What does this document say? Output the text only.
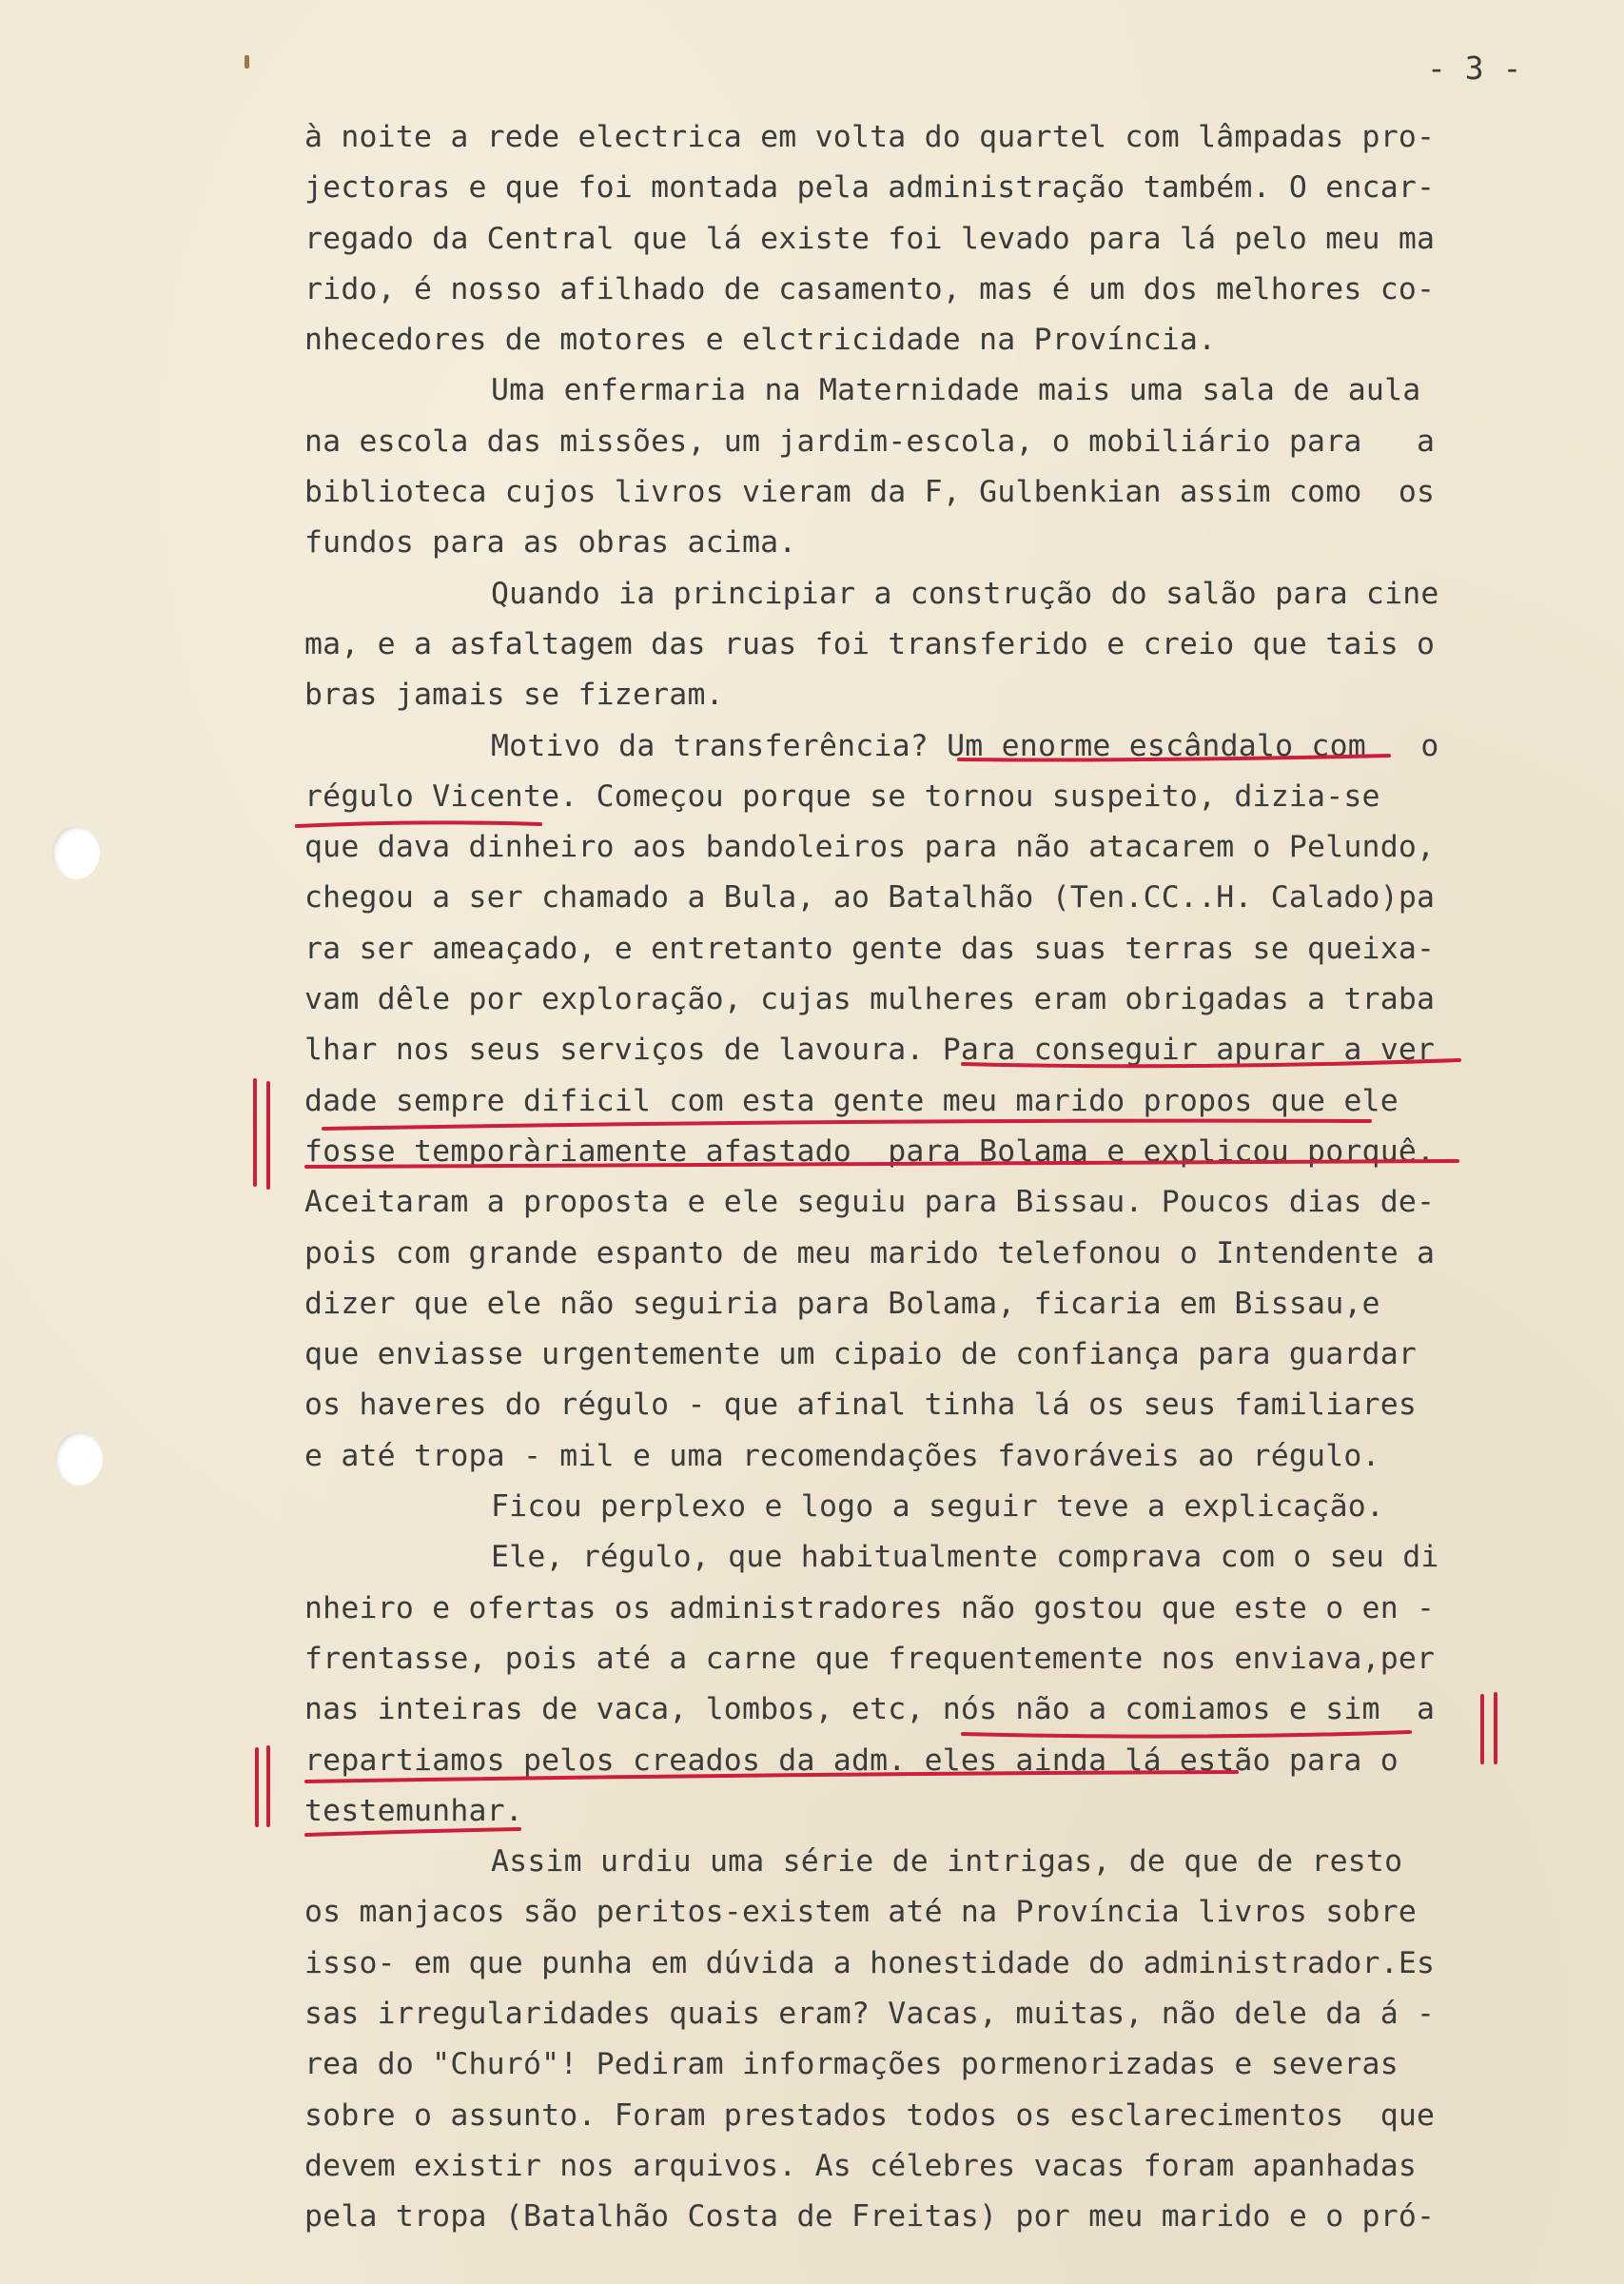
- 3 -
à noite a rede electrica em volta do quartel com lâmpadas pro-
jectoras e que foi montada pela administração também. O encar-
regado da Central que lá existe foi levado para lá pelo meu ma
rido, é nosso afilhado de casamento, mas é um dos melhores co-
nhecedores de motores e elctricidade na Província.
Uma enfermaria na Maternidade mais uma sala de aula
na escola das missões, um jardim-escola, o mobiliário para   a
biblioteca cujos livros vieram da F, Gulbenkian assim como  os
fundos para as obras acima.
Quando ia principiar a construção do salão para cine
ma, e a asfaltagem das ruas foi transferido e creio que tais o
bras jamais se fizeram.
Motivo da transferência? Um enorme escândalo com   o
régulo Vicente. Começou porque se tornou suspeito, dizia-se
que dava dinheiro aos bandoleiros para não atacarem o Pelundo,
chegou a ser chamado a Bula, ao Batalhão (Ten.CC..H. Calado)pa
ra ser ameaçado, e entretanto gente das suas terras se queixa-
vam dêle por exploração, cujas mulheres eram obrigadas a traba
lhar nos seus serviços de lavoura. Para conseguir apurar a ver
dade sempre dificil com esta gente meu marido propos que ele
fosse temporàriamente afastado  para Bolama e explicou porquê.
Aceitaram a proposta e ele seguiu para Bissau. Poucos dias de-
pois com grande espanto de meu marido telefonou o Intendente a
dizer que ele não seguiria para Bolama, ficaria em Bissau,e
que enviasse urgentemente um cipaio de confiança para guardar
os haveres do régulo - que afinal tinha lá os seus familiares
e até tropa - mil e uma recomendações favoráveis ao régulo.
Ficou perplexo e logo a seguir teve a explicação.
Ele, régulo, que habitualmente comprava com o seu di
nheiro e ofertas os administradores não gostou que este o en -
frentasse, pois até a carne que frequentemente nos enviava,per
nas inteiras de vaca, lombos, etc, nós não a comiamos e sim  a
repartiamos pelos creados da adm. eles ainda lá estão para o
testemunhar.
Assim urdiu uma série de intrigas, de que de resto
os manjacos são peritos-existem até na Província livros sobre
isso- em que punha em dúvida a honestidade do administrador.Es
sas irregularidades quais eram? Vacas, muitas, não dele da á -
rea do "Churó"! Pediram informações pormenorizadas e severas
sobre o assunto. Foram prestados todos os esclarecimentos  que
devem existir nos arquivos. As célebres vacas foram apanhadas
pela tropa (Batalhão Costa de Freitas) por meu marido e o pró-
